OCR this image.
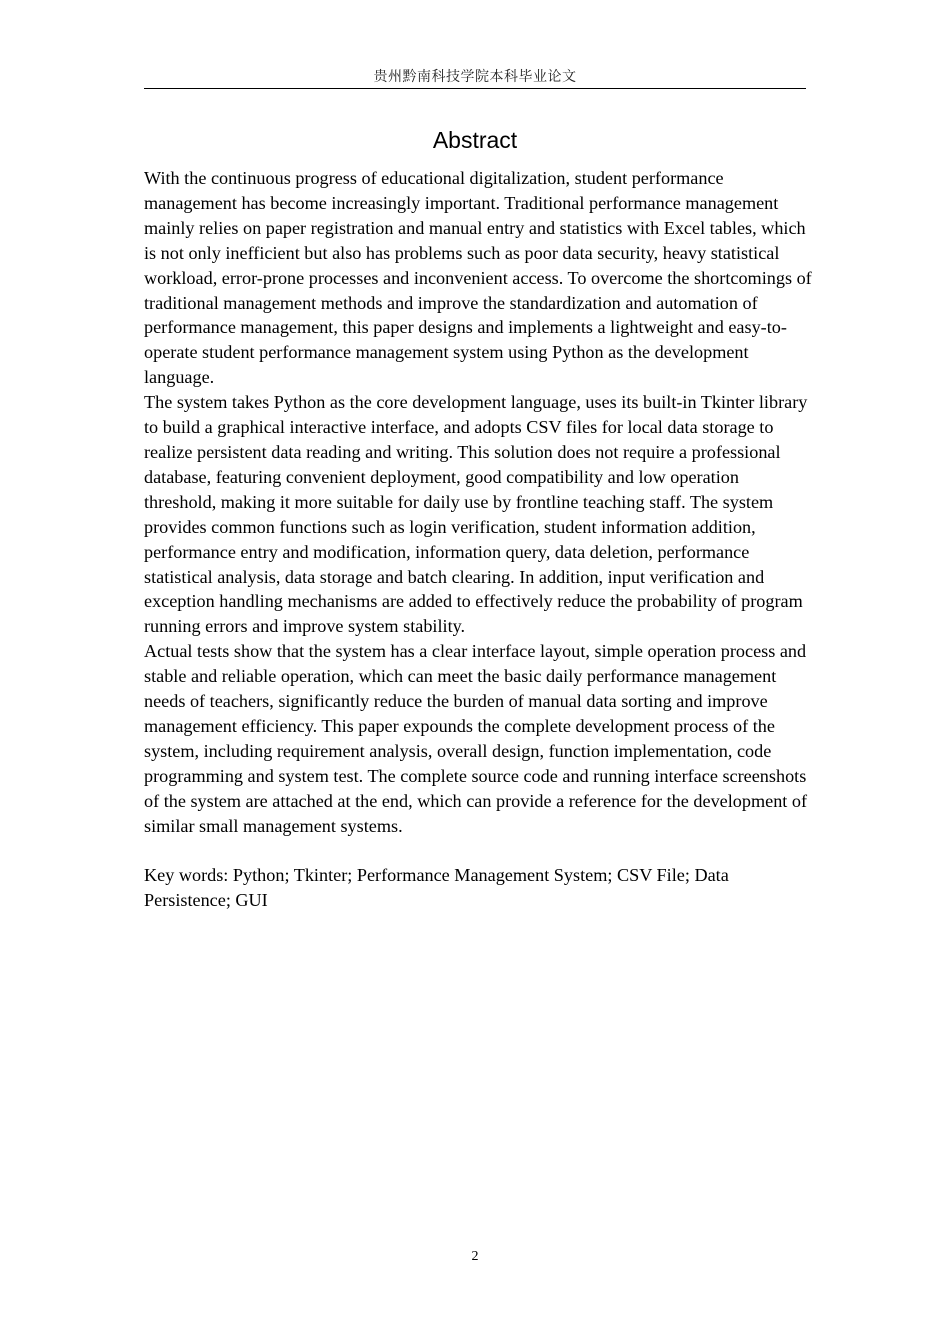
贵州黔南科技学院本科毕业论文
Abstract

With the continuous progress of educational digitalization, student performance management has become increasingly important. Traditional performance management mainly relies on paper registration and manual entry and statistics with Excel tables, which is not only inefficient but also has problems such as poor data security, heavy statistical workload, error-prone processes and inconvenient access. To overcome the shortcomings of traditional management methods and improve the standardization and automation of performance management, this paper designs and implements a lightweight and easy-to-operate student performance management system using Python as the development language.

The system takes Python as the core development language, uses its built-in Tkinter library to build a graphical interactive interface, and adopts CSV files for local data storage to realize persistent data reading and writing. This solution does not require a professional database, featuring convenient deployment, good compatibility and low operation threshold, making it more suitable for daily use by frontline teaching staff. The system provides common functions such as login verification, student information addition, performance entry and modification, information query, data deletion, performance statistical analysis, data storage and batch clearing. In addition, input verification and exception handling mechanisms are added to effectively reduce the probability of program running errors and improve system stability.

Actual tests show that the system has a clear interface layout, simple operation process and stable and reliable operation, which can meet the basic daily performance management needs of teachers, significantly reduce the burden of manual data sorting and improve management efficiency. This paper expounds the complete development process of the system, including requirement analysis, overall design, function implementation, code programming and system test. The complete source code and running interface screenshots of the system are attached at the end, which can provide a reference for the development of similar small management systems.

Key words: Python; Tkinter; Performance Management System; CSV File; Data Persistence; GUI

2
